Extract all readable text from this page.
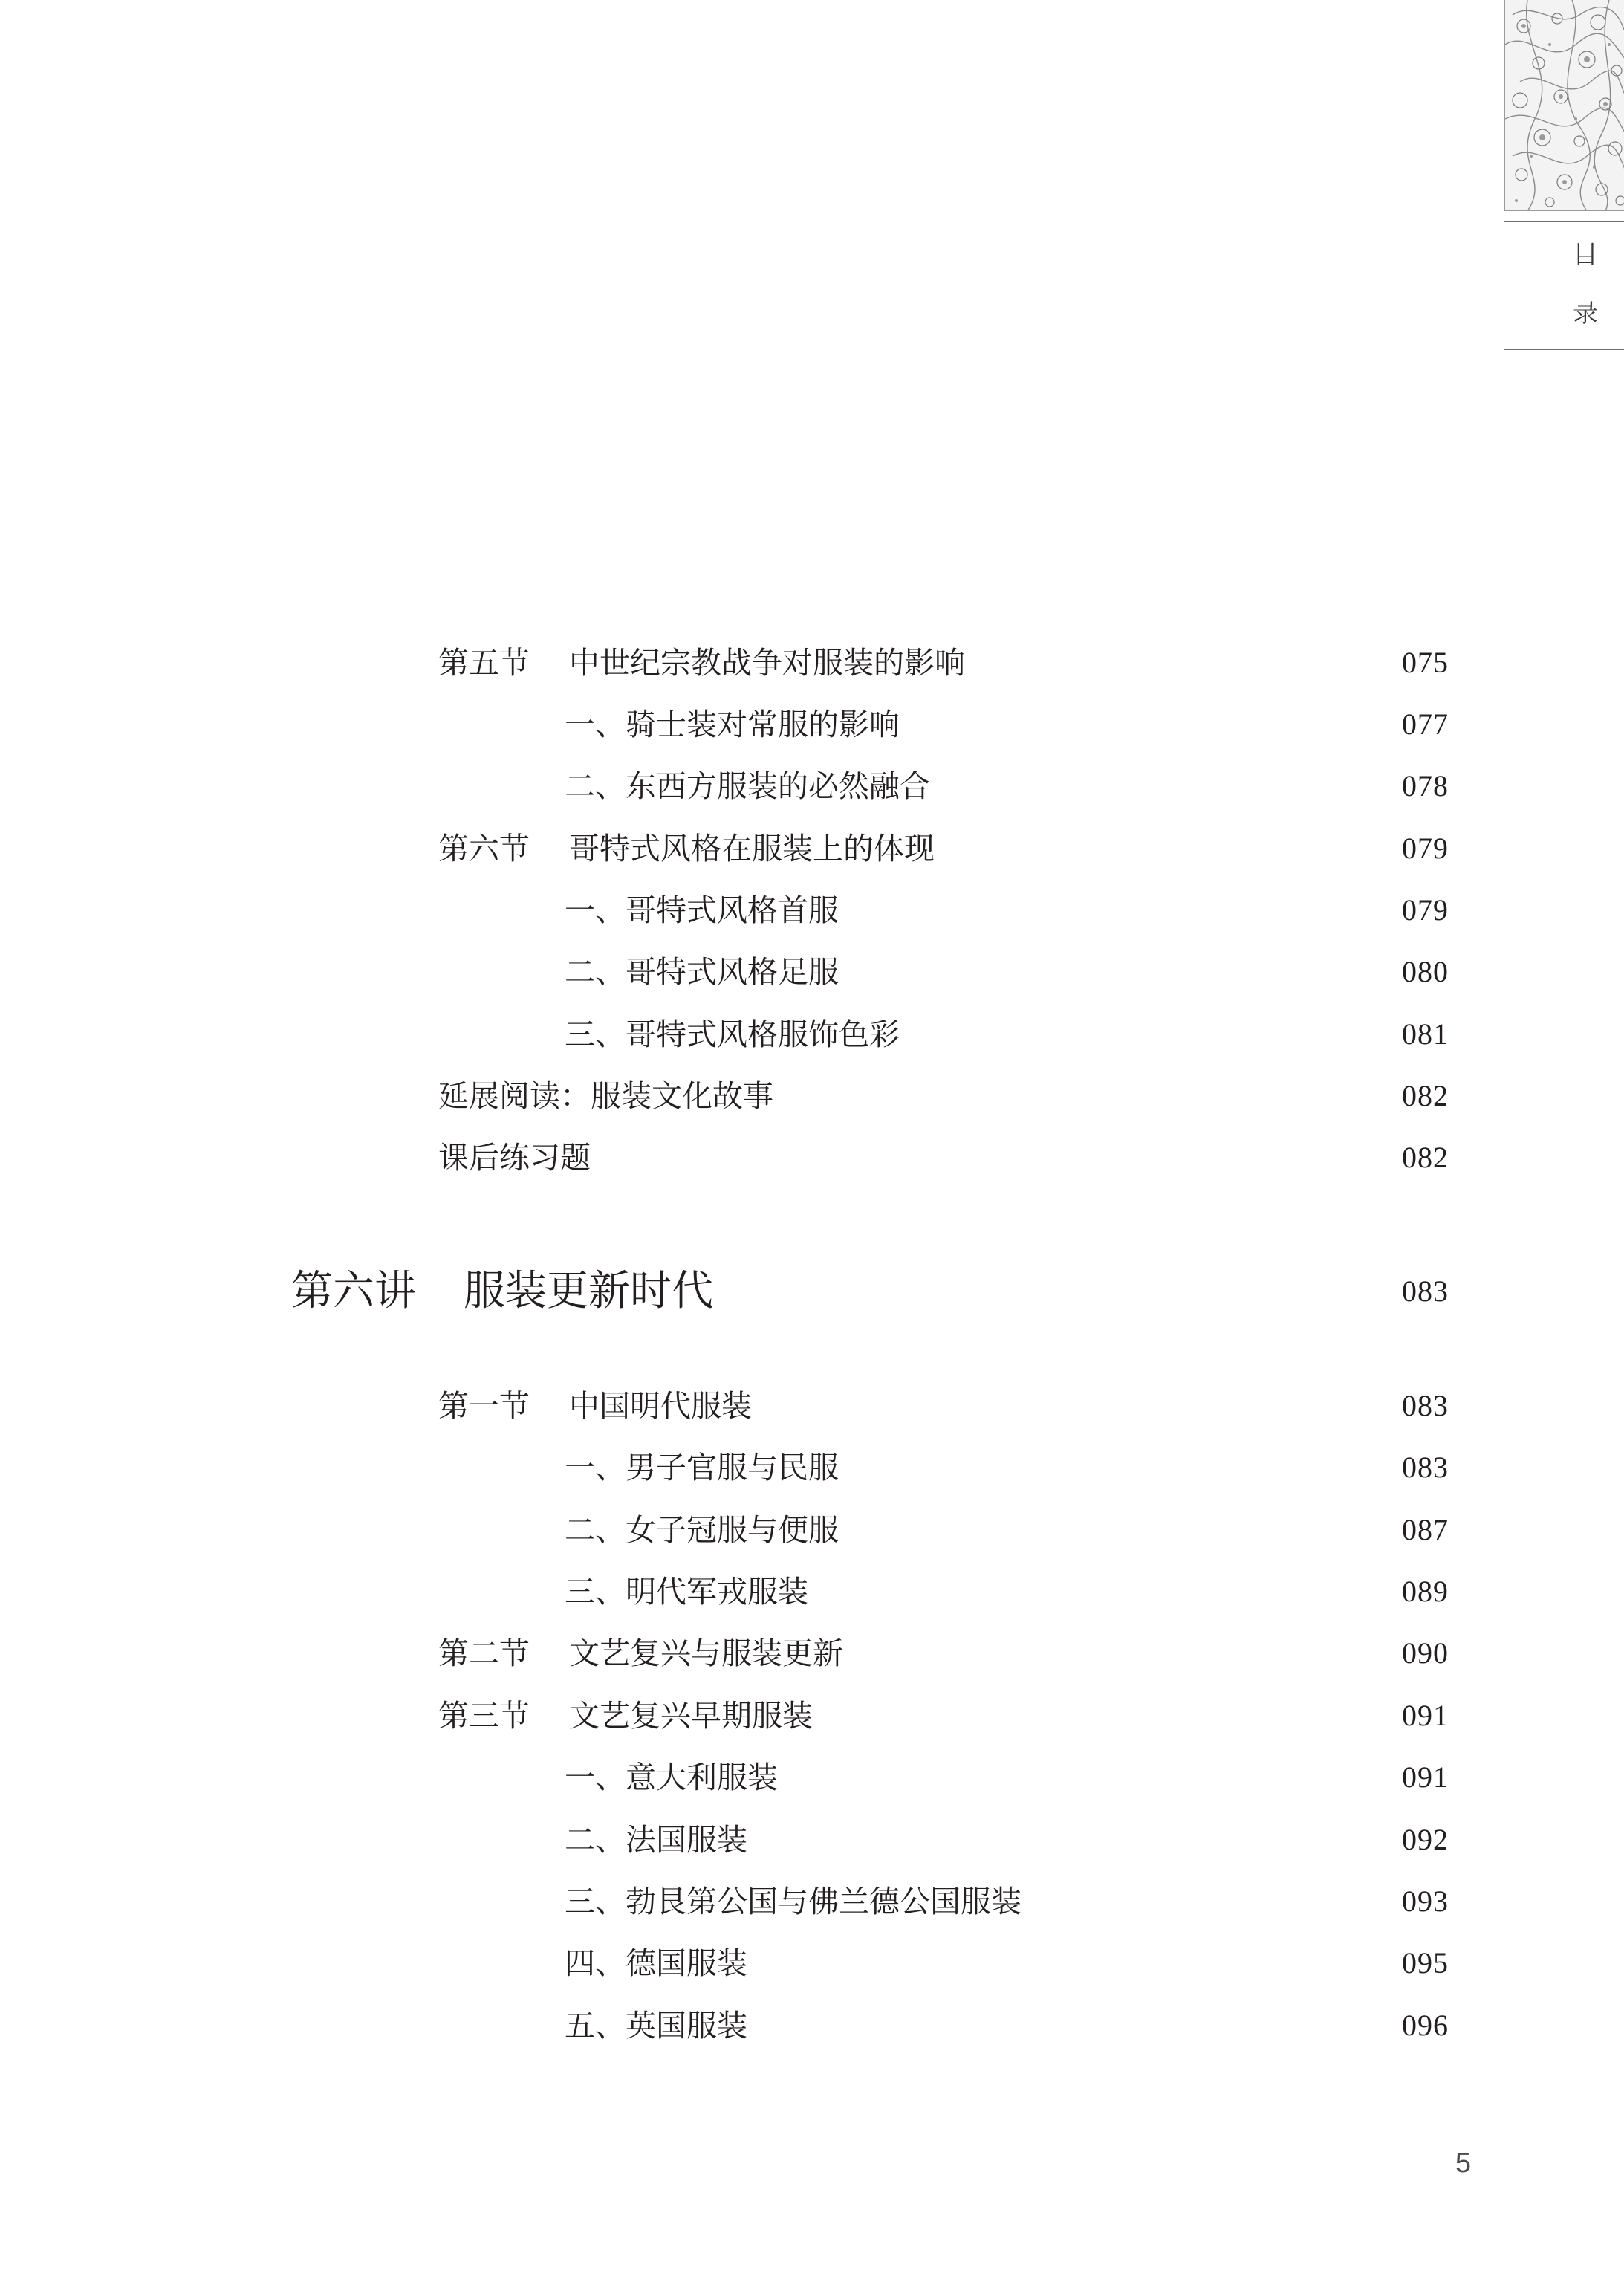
目
录
第五节 中世纪宗教战争对服装的影响	075
一、骑士装对常服的影响	077
二、东西方服装的必然融合	078
第六节 哥特式风格在服装上的体现	079
一、哥特式风格首服	079
二、哥特式风格足服	080
三、哥特式风格服饰色彩	081
延展阅读：服装文化故事	082
课后练习题	082
第六讲 服装更新时代	083
第一节 中国明代服装	083
一、男子官服与民服	083
二、女子冠服与便服	087
三、明代军戎服装	089
第二节 文艺复兴与服装更新	090
第三节 文艺复兴早期服装	091
一、意大利服装	091
二、法国服装	092
三、勃艮第公国与佛兰德公国服装	093
四、德国服装	095
五、英国服装	096
5
